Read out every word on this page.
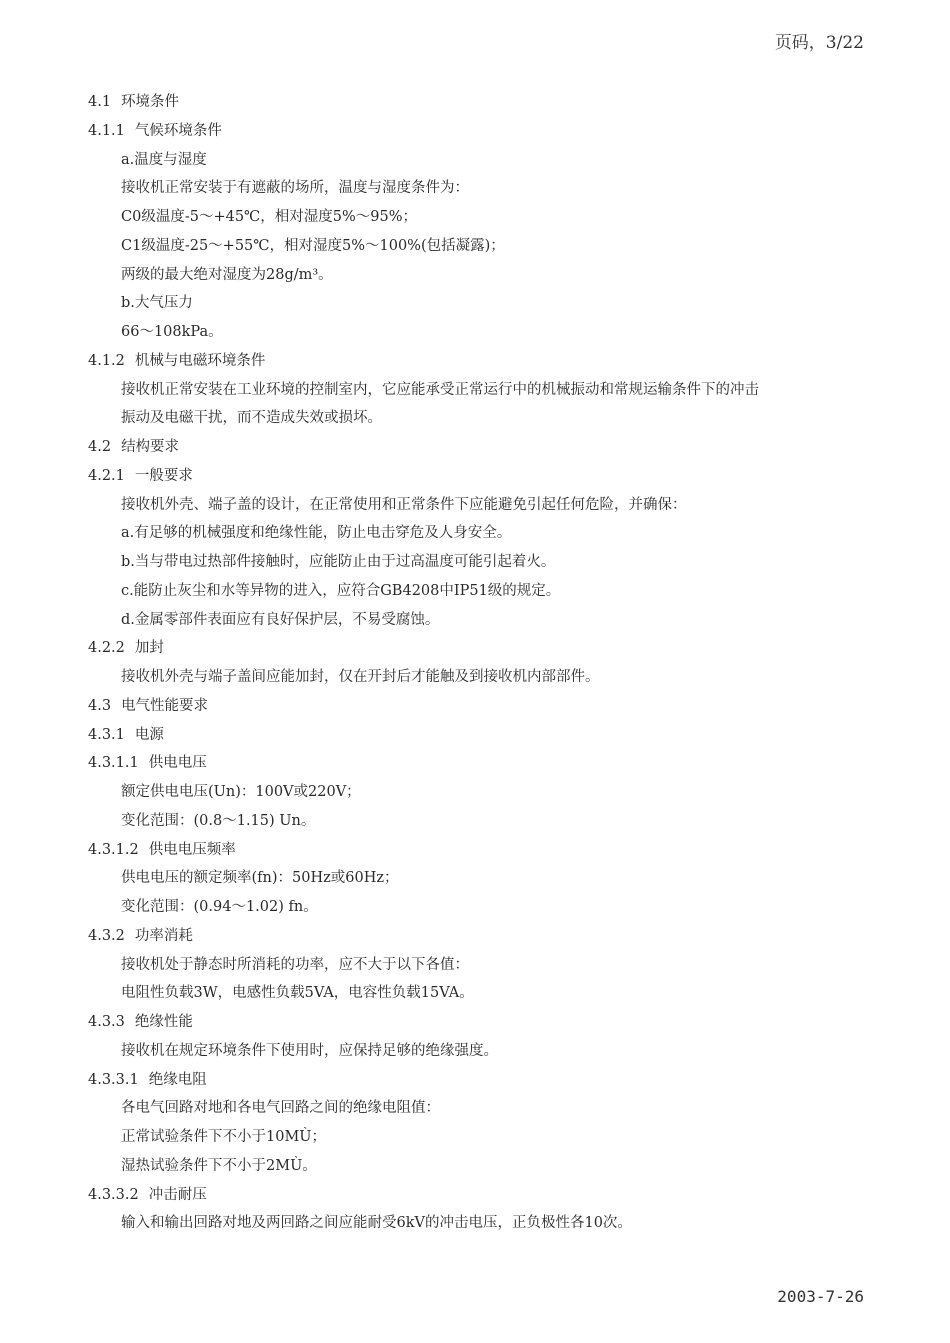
页码，3/22
4.1 环境条件
4.1.1 气候环境条件
a.温度与湿度
接收机正常安装于有遮蔽的场所，温度与湿度条件为：
C0级温度-5～+45℃，相对湿度5%～95%；
C1级温度-25～+55℃，相对湿度5%～100%(包括凝露)；
两级的最大绝对湿度为28g/m³。
b.大气压力
66～108kPa。
4.1.2 机械与电磁环境条件
接收机正常安装在工业环境的控制室内，它应能承受正常运行中的机械振动和常规运输条件下的冲击
振动及电磁干扰，而不造成失效或损坏。
4.2 结构要求
4.2.1 一般要求
接收机外壳、端子盖的设计，在正常使用和正常条件下应能避免引起任何危险，并确保：
a.有足够的机械强度和绝缘性能，防止电击穿危及人身安全。
b.当与带电过热部件接触时，应能防止由于过高温度可能引起着火。
c.能防止灰尘和水等异物的进入，应符合GB4208中IP51级的规定。
d.金属零部件表面应有良好保护层，不易受腐蚀。
4.2.2 加封
接收机外壳与端子盖间应能加封，仅在开封后才能触及到接收机内部部件。
4.3 电气性能要求
4.3.1 电源
4.3.1.1 供电电压
额定供电电压(Un)：100V或220V；
变化范围：(0.8～1.15) Un。
4.3.1.2 供电电压频率
供电电压的额定频率(fn)：50Hz或60Hz；
变化范围：(0.94～1.02) fn。
4.3.2 功率消耗
接收机处于静态时所消耗的功率，应不大于以下各值：
电阻性负载3W，电感性负载5VA，电容性负载15VA。
4.3.3 绝缘性能
接收机在规定环境条件下使用时，应保持足够的绝缘强度。
4.3.3.1 绝缘电阻
各电气回路对地和各电气回路之间的绝缘电阻值：
正常试验条件下不小于10MÙ；
湿热试验条件下不小于2MÙ。
4.3.3.2 冲击耐压
输入和输出回路对地及两回路之间应能耐受6kV的冲击电压，正负极性各10次。
2003-7-26
